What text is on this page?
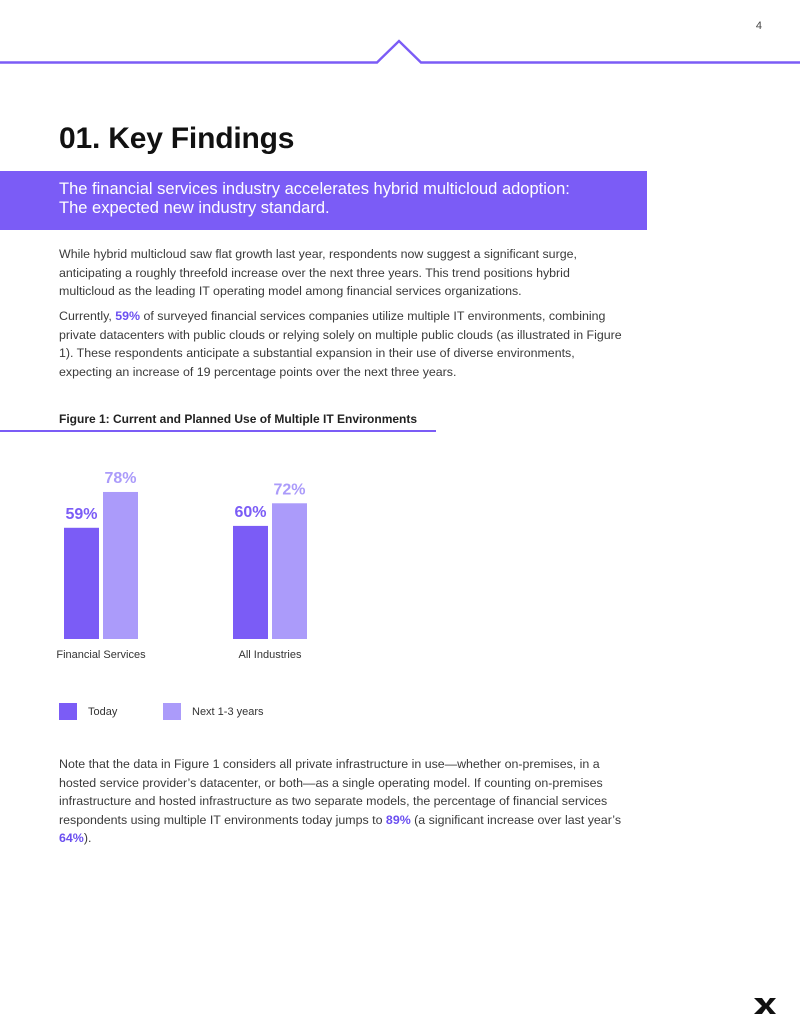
4
01. Key Findings
The financial services industry accelerates hybrid multicloud adoption:
The expected new industry standard.

While hybrid multicloud saw flat growth last year, respondents now suggest a significant surge, anticipating a roughly threefold increase over the next three years. This trend positions hybrid multicloud as the leading IT operating model among financial services organizations.

Currently, 59% of surveyed financial services companies utilize multiple IT environments, combining private datacenters with public clouds or relying solely on multiple public clouds (as illustrated in Figure 1). These respondents anticipate a substantial expansion in their use of diverse environments, expecting an increase of 19 percentage points over the next three years.

Figure 1: Current and Planned Use of Multiple IT Environments
59%
78%
Financial Services
60%
72%
All Industries
Today	Next 1-3 years

Note that the data in Figure 1 considers all private infrastructure in use—whether on-premises, in a hosted service provider’s datacenter, or both—as a single operating model. If counting on-premises infrastructure and hosted infrastructure as two separate models, the percentage of financial services respondents using multiple IT environments today jumps to 89% (a significant increase over last year’s 64%).
